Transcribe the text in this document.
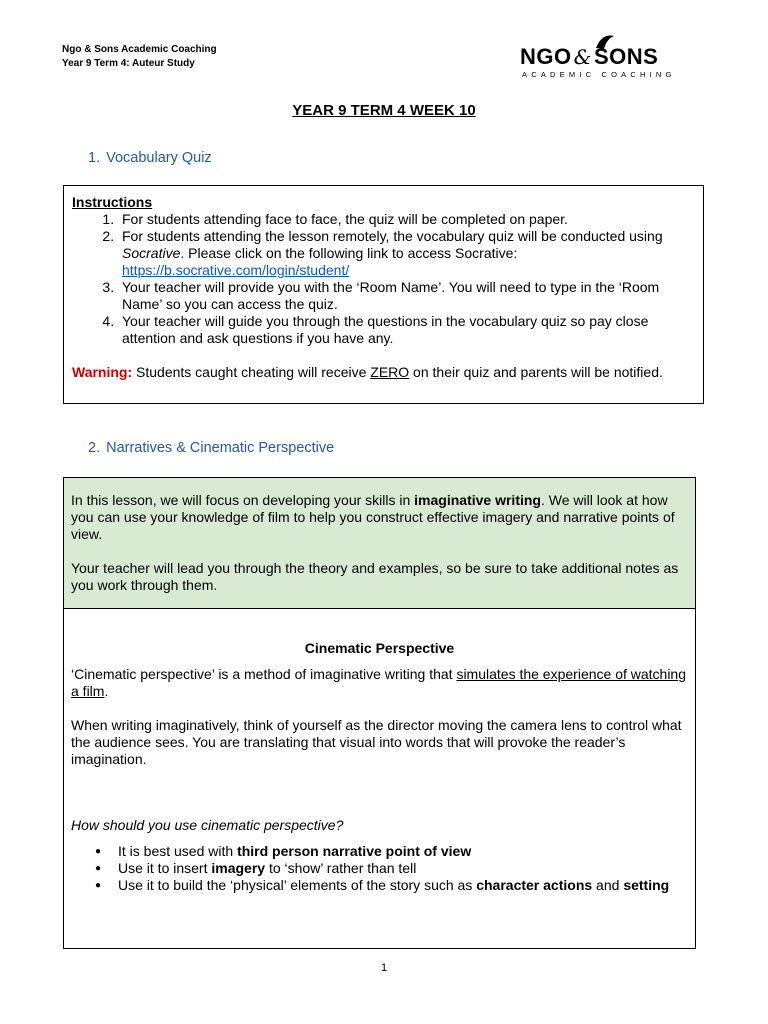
Ngo & Sons Academic Coaching
Year 9 Term 4: Auteur Study	NGO &SONS
ACADEMIC COACHING
YEAR 9 TERM 4 WEEK 10
1. Vocabulary Quiz
Instructions
1. For students attending face to face, the quiz will be completed on paper.
2. For students attending the lesson remotely, the vocabulary quiz will be conducted using Socrative. Please click on the following link to access Socrative:
https://b.socrative.com/login/student/
3. Your teacher will provide you with the ‘Room Name’. You will need to type in the ‘Room Name’ so you can access the quiz.
4. Your teacher will guide you through the questions in the vocabulary quiz so pay close attention and ask questions if you have any.
Warning: Students caught cheating will receive ZERO on their quiz and parents will be notified.
2. Narratives & Cinematic Perspective

In this lesson, we will focus on developing your skills in imaginative writing. We will look at how you can use your knowledge of film to help you construct effective imagery and narrative points of view.

Your teacher will lead you through the theory and examples, so be sure to take additional notes as you work through them.

Cinematic Perspective

‘Cinematic perspective’ is a method of imaginative writing that simulates the experience of watching a film.

When writing imaginatively, think of yourself as the director moving the camera lens to control what the audience sees. You are translating that visual into words that will provoke the reader’s imagination.

How should you use cinematic perspective?

● It is best used with third person narrative point of view
● Use it to insert imagery to ‘show’ rather than tell
● Use it to build the ‘physical’ elements of the story such as character actions and setting
1
